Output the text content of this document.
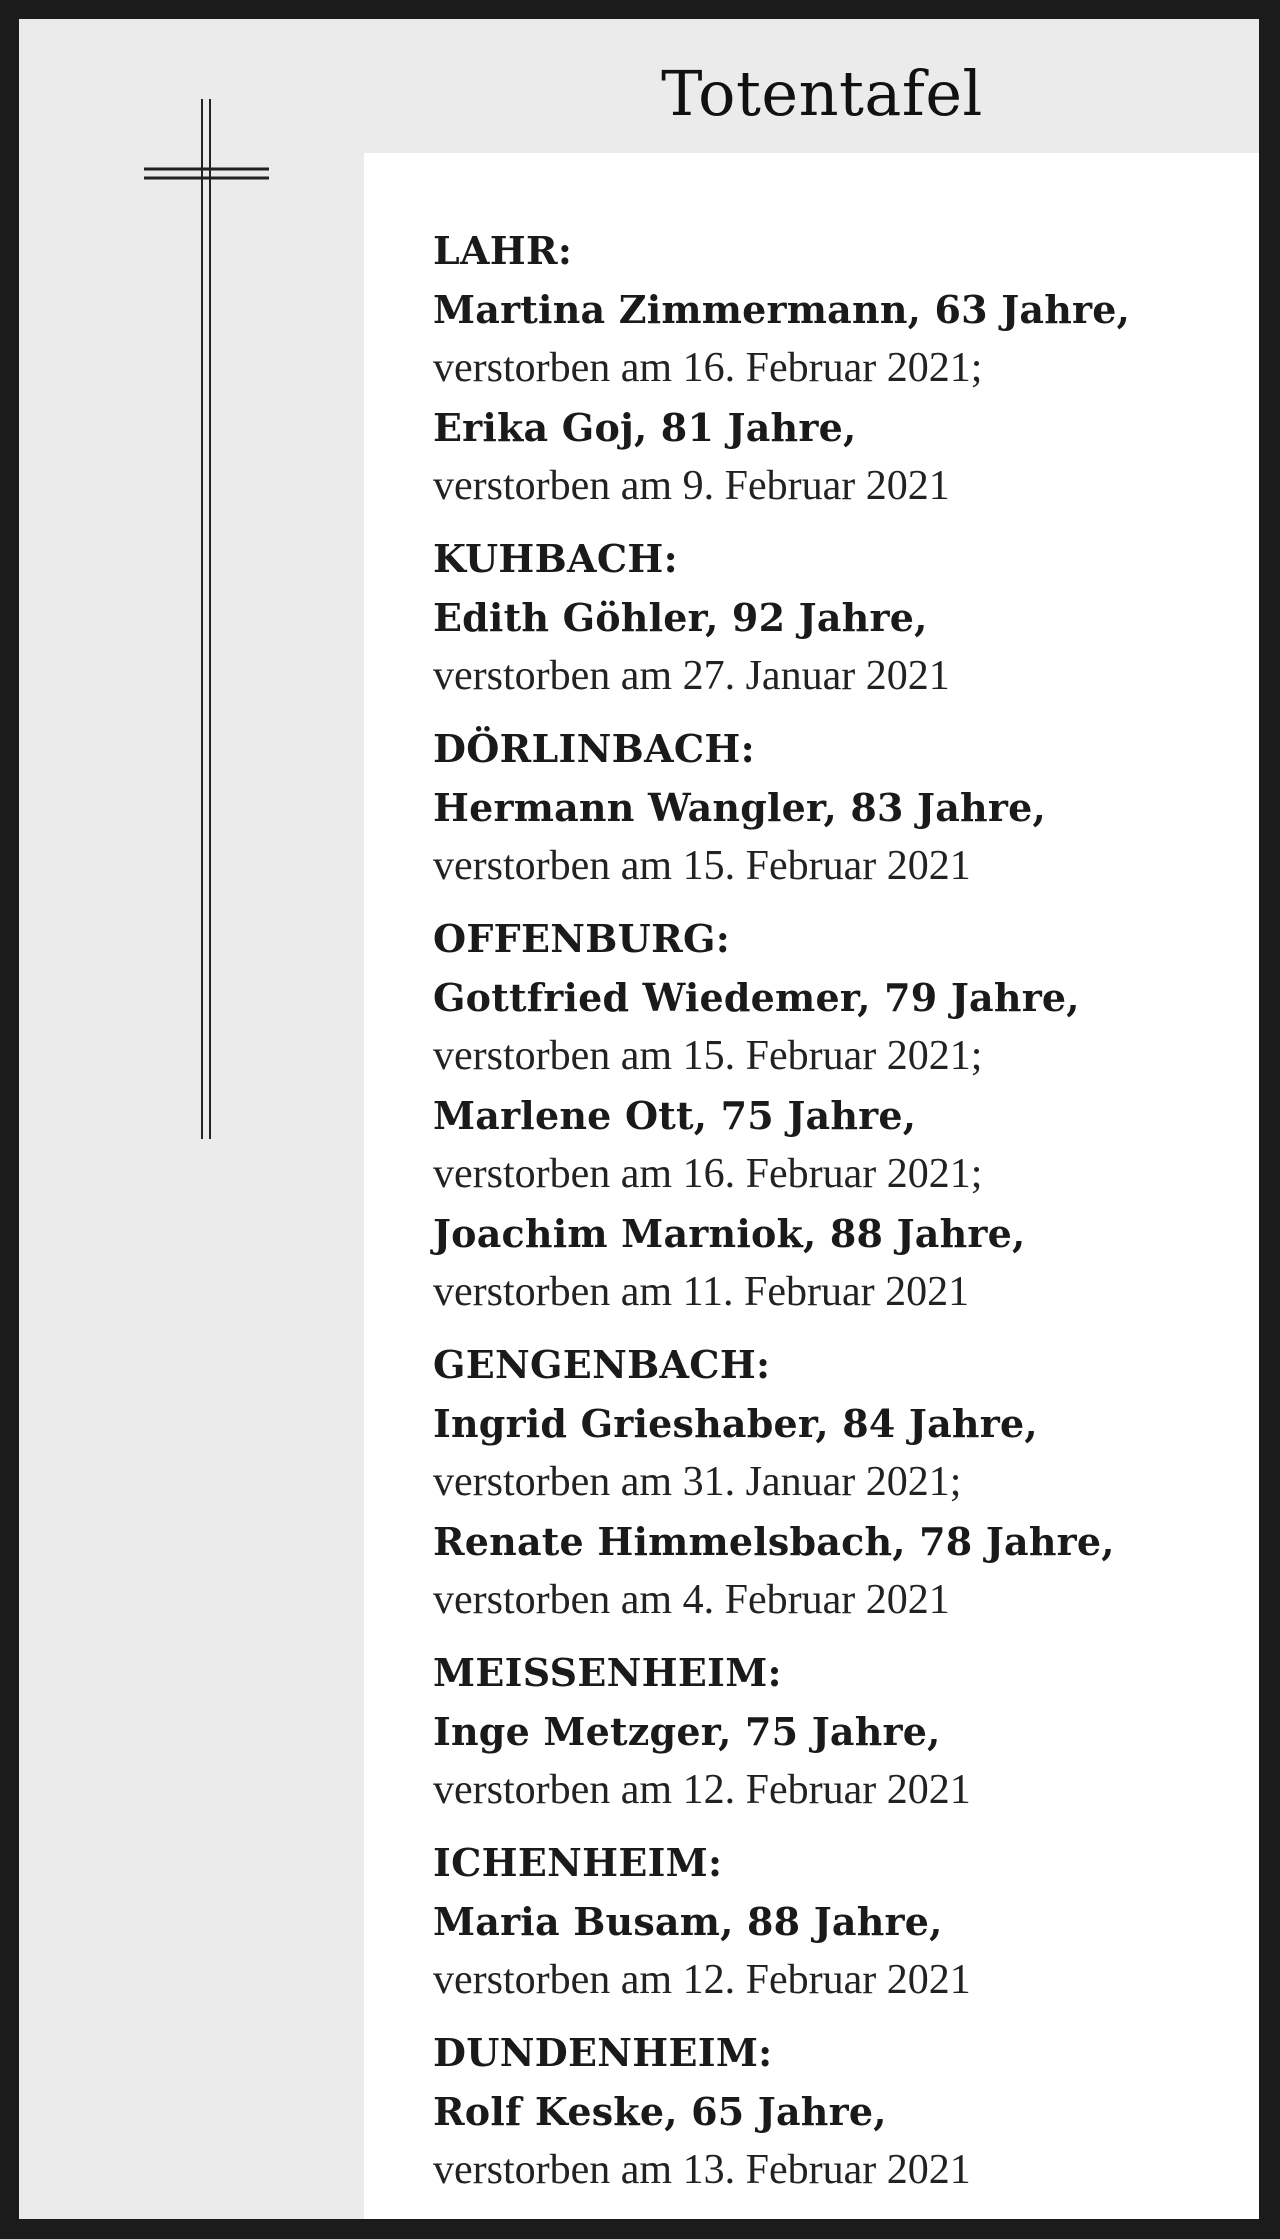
Totentafel
LAHR:
Martina Zimmermann, 63 Jahre,
verstorben am 16. Februar 2021;
Erika Goj, 81 Jahre,
verstorben am 9. Februar 2021
KUHBACH:
Edith Göhler, 92 Jahre,
verstorben am 27. Januar 2021
DÖRLINBACH:
Hermann Wangler, 83 Jahre,
verstorben am 15. Februar 2021
OFFENBURG:
Gottfried Wiedemer, 79 Jahre,
verstorben am 15. Februar 2021;
Marlene Ott, 75 Jahre,
verstorben am 16. Februar 2021;
Joachim Marniok, 88 Jahre,
verstorben am 11. Februar 2021
GENGENBACH:
Ingrid Grieshaber, 84 Jahre,
verstorben am 31. Januar 2021;
Renate Himmelsbach, 78 Jahre,
verstorben am 4. Februar 2021
MEISSENHEIM:
Inge Metzger, 75 Jahre,
verstorben am 12. Februar 2021
ICHENHEIM:
Maria Busam, 88 Jahre,
verstorben am 12. Februar 2021
DUNDENHEIM:
Rolf Keske, 65 Jahre,
verstorben am 13. Februar 2021
